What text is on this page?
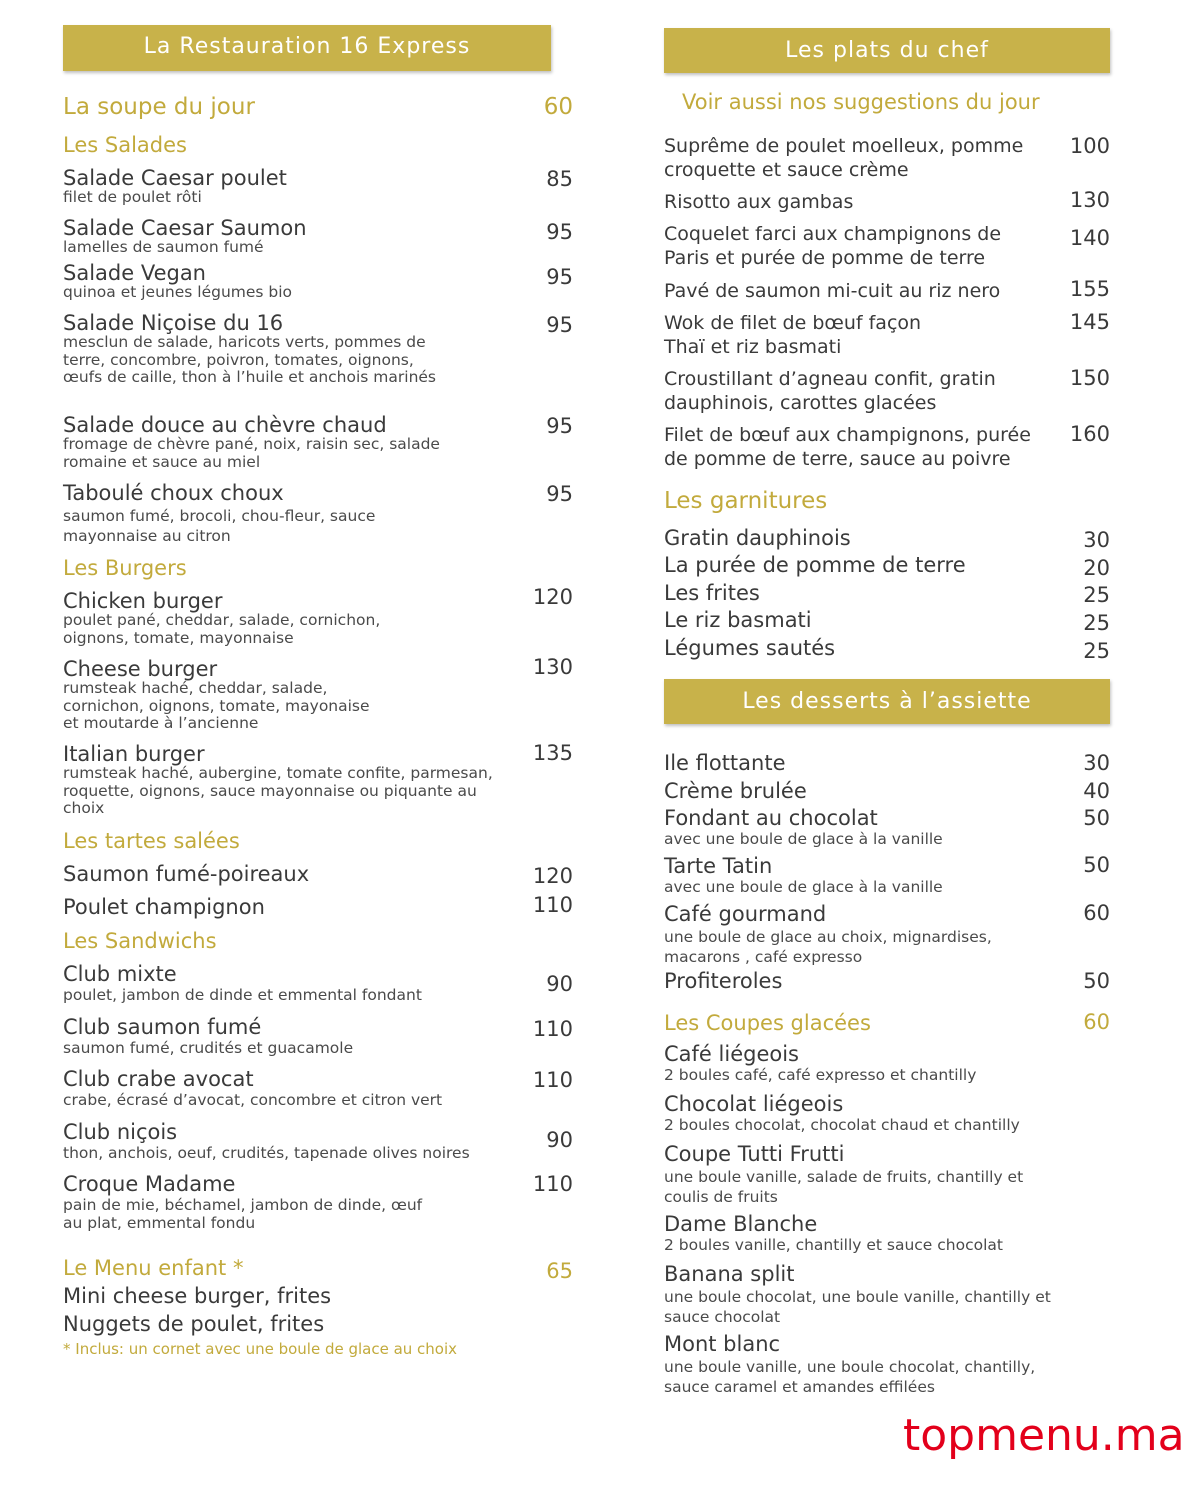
La Restauration 16 Express
La soupe du jour	60
Les Salades
Salade Caesar poulet
filet de poulet rôti
85
Salade Caesar Saumon
lamelles de saumon fumé
95
Salade Vegan
quinoa et jeunes légumes bio
95
Salade Niçoise du 16
mesclun de salade, haricots verts, pommes de terre, concombre, poivron, tomates, oignons, œufs de caille, thon à l’huile et anchois marinés
95
Salade douce au chèvre chaud
fromage de chèvre pané, noix, raisin sec, salade romaine et sauce au miel
95
Taboulé choux choux
saumon fumé, brocoli, chou-fleur, sauce mayonnaise au citron
95
Les Burgers
Chicken burger
poulet pané, cheddar, salade, cornichon, oignons, tomate, mayonnaise
120
Cheese burger
rumsteak haché, cheddar, salade, cornichon, oignons, tomate, mayonaise et moutarde à l’ancienne
130
Italian burger
rumsteak haché, aubergine, tomate confite, parmesan, roquette, oignons, sauce mayonnaise ou piquante au choix
135
Les tartes salées
Saumon fumé-poireaux	120
Poulet champignon	110
Les Sandwichs
Club mixte
poulet, jambon de dinde et emmental fondant	90
Club saumon fumé
saumon fumé, crudités et guacamole
110
Club crabe avocat
crabe, écrasé d’avocat, concombre et citron vert
110
Club niçois
thon, anchois, oeuf, crudités, tapenade olives noires
90
Croque Madame
pain de mie, béchamel, jambon de dinde, œuf au plat, emmental fondu
110
Le Menu enfant *	65
Mini cheese burger, frites
Nuggets de poulet, frites
* Inclus: un cornet avec une boule de glace au choix
Les plats du chef
Voir aussi nos suggestions du jour
Suprême de poulet moelleux, pomme croquette et sauce crème
100
Risotto aux gambas	130
Coquelet farci aux champignons de Paris et purée de pomme de terre
140
Pavé de saumon mi-cuit au riz nero	155
Wok de filet de bœuf façon Thaï et riz basmati
145
Croustillant d’agneau confit, gratin dauphinois, carottes glacées
150
Filet de bœuf aux champignons, purée de pomme de terre, sauce au poivre
160
Les garnitures
Gratin dauphinois	30
La purée de pomme de terre	20
Les frites	25
Le riz basmati	25
Légumes sautés	25
Les desserts à l’assiette
Ile flottante	30
Crème brulée	40
Fondant au chocolat
avec une boule de glace à la vanille
50
Tarte Tatin
avec une boule de glace à la vanille
50
Café gourmand
une boule de glace au choix, mignardises, macarons , café expresso
60
Profiteroles	50
Les Coupes glacées	60
Café liégeois
2 boules café, café expresso et chantilly
Chocolat liégeois
2 boules chocolat, chocolat chaud et chantilly
Coupe Tutti Frutti
une boule vanille, salade de fruits, chantilly et coulis de fruits
Dame Blanche
2 boules vanille, chantilly et sauce chocolat
Banana split
une boule chocolat, une boule vanille, chantilly et sauce chocolat
Mont blanc
une boule vanille, une boule chocolat, chantilly, sauce caramel et amandes effilées
topmenu.ma
